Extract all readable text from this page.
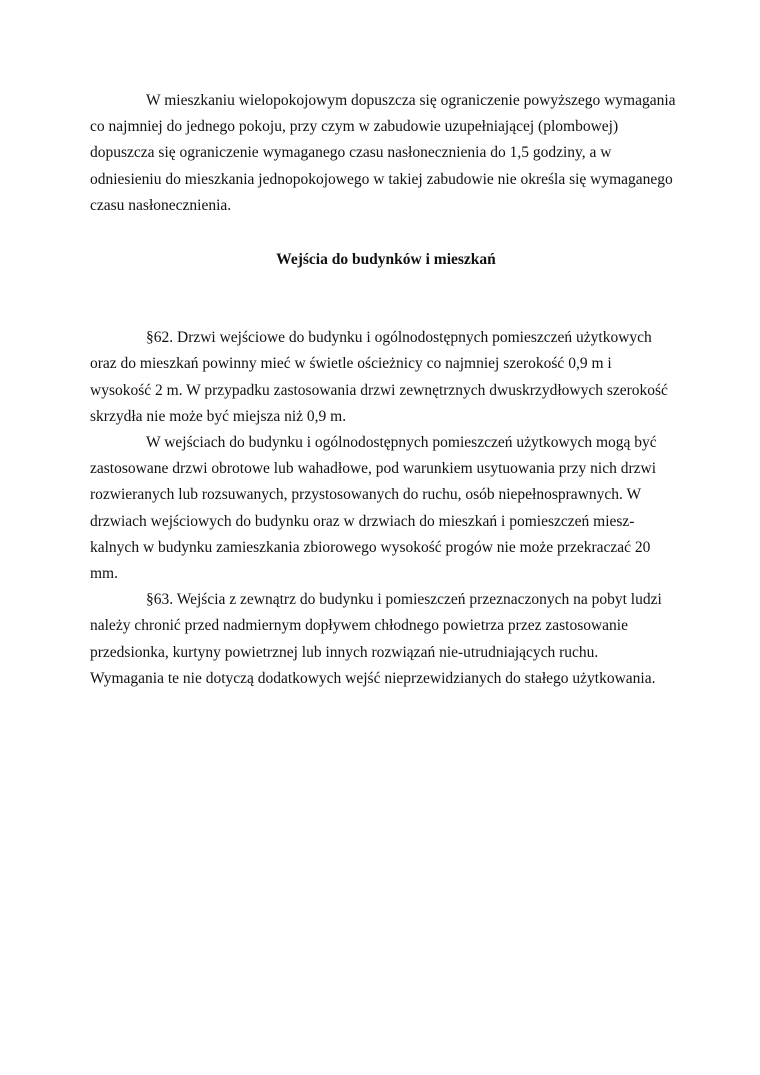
W mieszkaniu wielopokojowym dopuszcza się ograniczenie powyższego wymagania
co najmniej do jednego pokoju, przy czym w zabudowie uzupełniającej (plombowej)
dopuszcza się ograniczenie wymaganego czasu nasłonecznienia do 1,5 godziny, a w
odniesieniu do mieszkania jednopokojowego w takiej zabudowie nie określa się wymaganego
czasu nasłonecznienia.

Wejścia do budynków i mieszkań

§62. Drzwi wejściowe do budynku i ogólnodostępnych pomieszczeń użytkowych
oraz do mieszkań powinny mieć w świetle ościeżnicy co najmniej szerokość 0,9 m i
wysokość 2 m. W przypadku zastosowania drzwi zewnętrznych dwuskrzydłowych szerokość
skrzydła nie może być miejsza niż 0,9 m.

W wejściach do budynku i ogólnodostępnych pomieszczeń użytkowych mogą być
zastosowane drzwi obrotowe lub wahadłowe, pod warunkiem usytuowania przy nich drzwi
rozwieranych lub rozsuwanych, przystosowanych do ruchu, osób niepełnosprawnych. W
drzwiach wejściowych do budynku oraz w drzwiach do mieszkań i pomieszczeń miesz-
kalnych w budynku zamieszkania zbiorowego wysokość progów nie może przekraczać 20
mm.

§63. Wejścia z zewnątrz do budynku i pomieszczeń przeznaczonych na pobyt ludzi
należy chronić przed nadmiernym dopływem chłodnego powietrza przez zastosowanie
przedsionka, kurtyny powietrznej lub innych rozwiązań nie-utrudniających ruchu.
Wymagania te nie dotyczą dodatkowych wejść nieprzewidzianych do stałego użytkowania.
